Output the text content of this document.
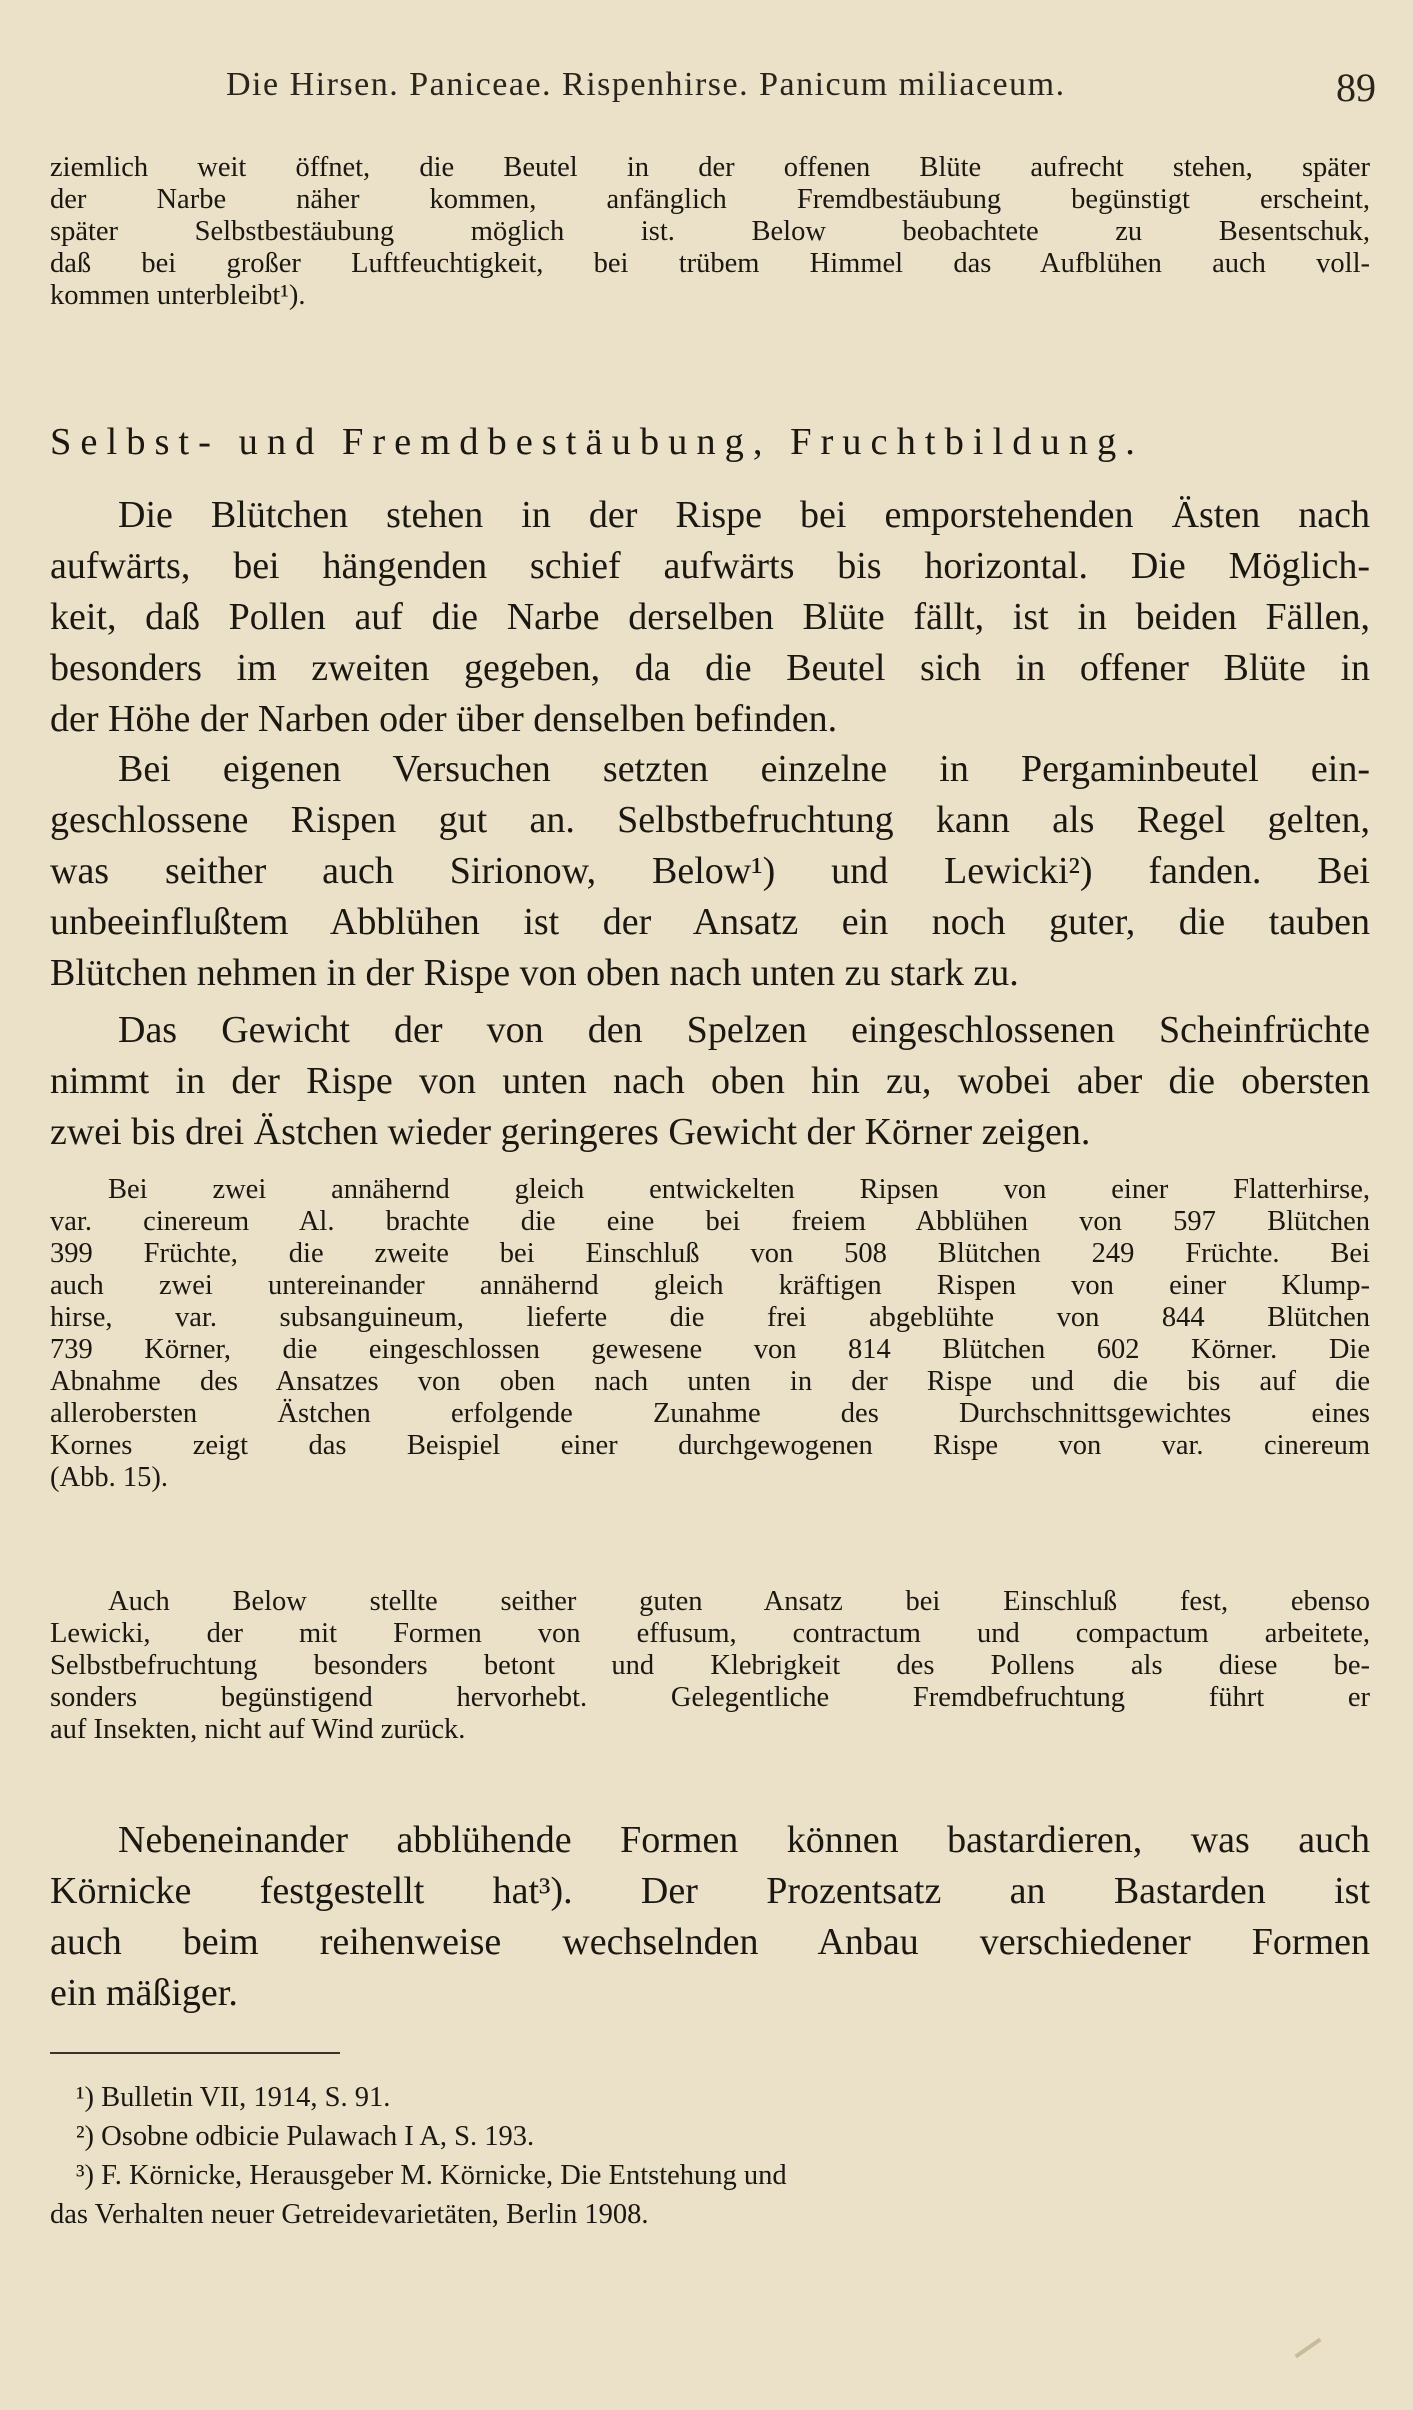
Die Hirsen. Paniceae. Rispenhirse. Panicum miliaceum.	89
ziemlich weit öffnet, die Beutel in der offenen Blüte aufrecht stehen, später
der Narbe näher kommen, anfänglich Fremdbestäubung begünstigt erscheint,
später Selbstbestäubung möglich ist. Below beobachtete zu Besentschuk,
daß bei großer Luftfeuchtigkeit, bei trübem Himmel das Aufblühen auch voll-
kommen unterbleibt¹).
Selbst- und Fremdbestäubung, Fruchtbildung.
Die Blütchen stehen in der Rispe bei emporstehenden Ästen nach
aufwärts, bei hängenden schief aufwärts bis horizontal. Die Möglich-
keit, daß Pollen auf die Narbe derselben Blüte fällt, ist in beiden Fällen,
besonders im zweiten gegeben, da die Beutel sich in offener Blüte in
der Höhe der Narben oder über denselben befinden.
Bei eigenen Versuchen setzten einzelne in Pergaminbeutel ein-
geschlossene Rispen gut an. Selbstbefruchtung kann als Regel gelten,
was seither auch Sirionow, Below¹) und Lewicki²) fanden. Bei
unbeeinflußtem Abblühen ist der Ansatz ein noch guter, die tauben
Blütchen nehmen in der Rispe von oben nach unten zu stark zu.
Das Gewicht der von den Spelzen eingeschlossenen Scheinfrüchte
nimmt in der Rispe von unten nach oben hin zu, wobei aber die obersten
zwei bis drei Ästchen wieder geringeres Gewicht der Körner zeigen.
Bei zwei annähernd gleich entwickelten Ripsen von einer Flatterhirse,
var. cinereum Al. brachte die eine bei freiem Abblühen von 597 Blütchen
399 Früchte, die zweite bei Einschluß von 508 Blütchen 249 Früchte. Bei
auch zwei untereinander annähernd gleich kräftigen Rispen von einer Klump-
hirse, var. subsanguineum, lieferte die frei abgeblühte von 844 Blütchen
739 Körner, die eingeschlossen gewesene von 814 Blütchen 602 Körner. Die
Abnahme des Ansatzes von oben nach unten in der Rispe und die bis auf die
allerobersten Ästchen erfolgende Zunahme des Durchschnittsgewichtes eines
Kornes zeigt das Beispiel einer durchgewogenen Rispe von var. cinereum
(Abb. 15).
Auch Below stellte seither guten Ansatz bei Einschluß fest, ebenso
Lewicki, der mit Formen von effusum, contractum und compactum arbeitete,
Selbstbefruchtung besonders betont und Klebrigkeit des Pollens als diese be-
sonders begünstigend hervorhebt. Gelegentliche Fremdbefruchtung führt er
auf Insekten, nicht auf Wind zurück.
Nebeneinander abblühende Formen können bastardieren, was auch
Körnicke festgestellt hat³). Der Prozentsatz an Bastarden ist
auch beim reihenweise wechselnden Anbau verschiedener Formen
ein mäßiger.
¹) Bulletin VII, 1914, S. 91.
²) Osobne odbicie Pulawach I A, S. 193.
³) F. Körnicke, Herausgeber M. Körnicke, Die Entstehung und
das Verhalten neuer Getreidevarietäten, Berlin 1908.
